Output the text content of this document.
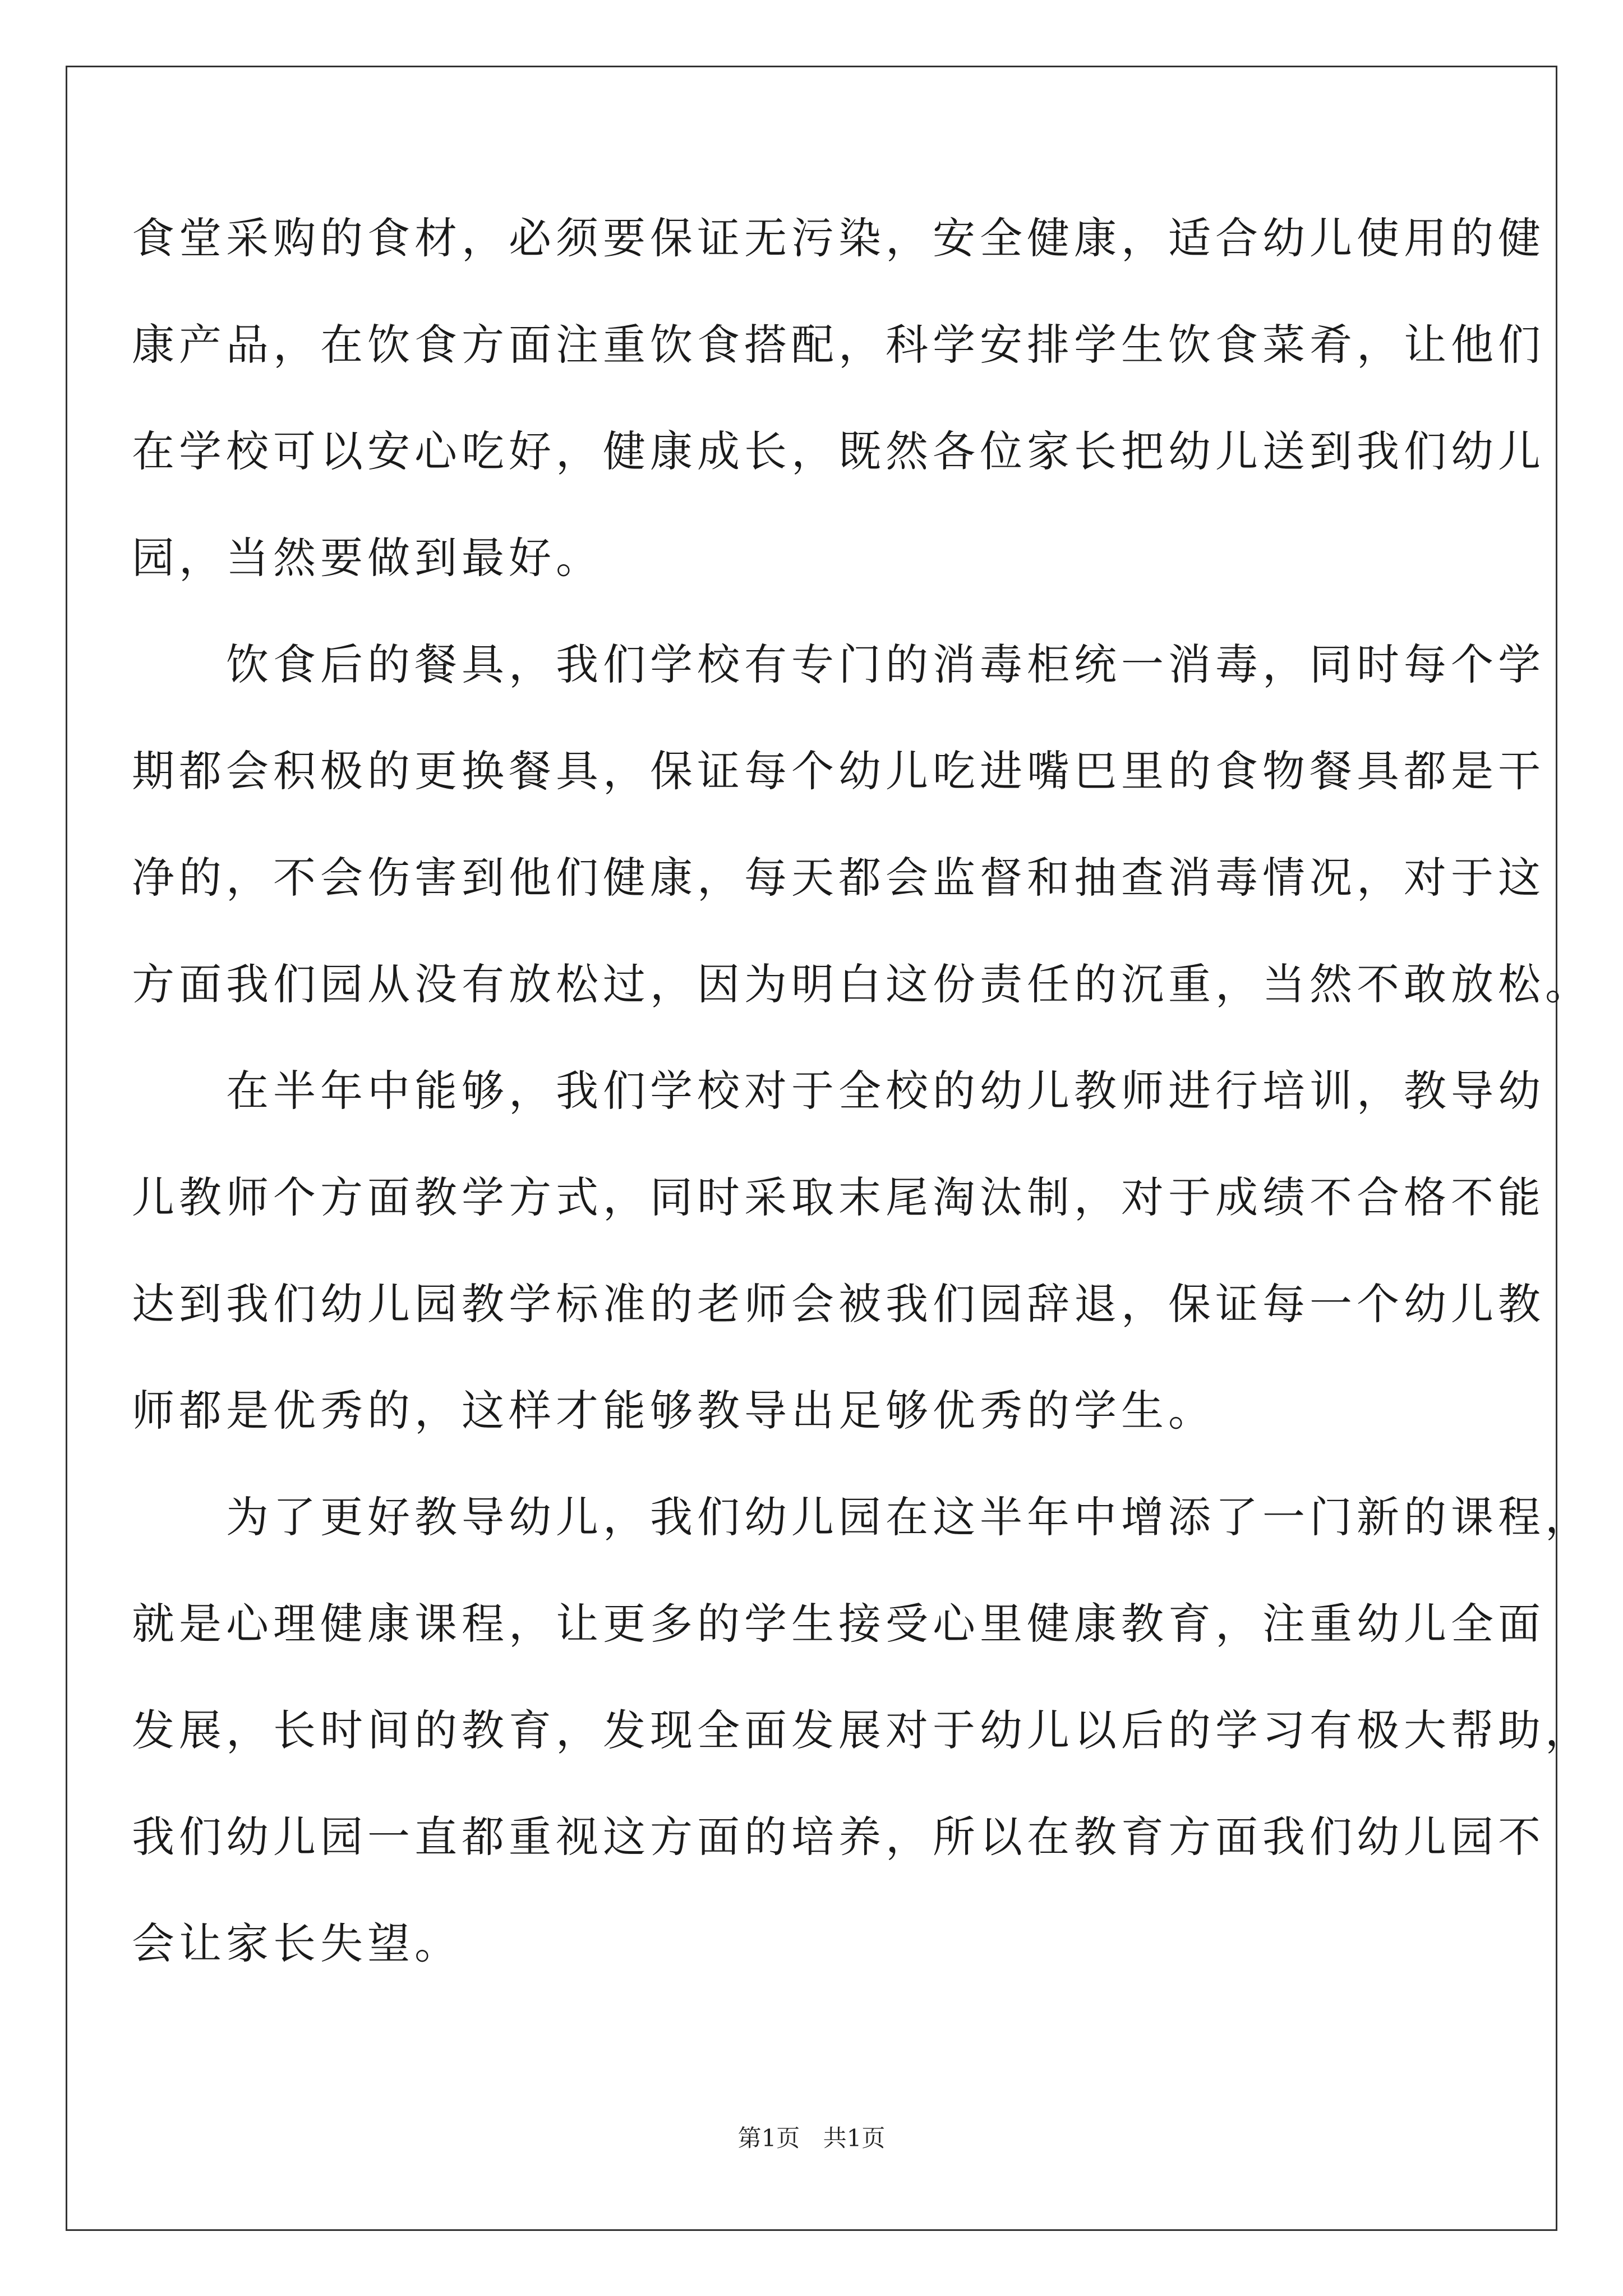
食堂采购的食材，必须要保证无污染，安全健康，适合幼儿使用的健
康产品，在饮食方面注重饮食搭配，科学安排学生饮食菜肴，让他们
在学校可以安心吃好，健康成长，既然各位家长把幼儿送到我们幼儿
园，当然要做到最好。
　　饮食后的餐具，我们学校有专门的消毒柜统一消毒，同时每个学
期都会积极的更换餐具，保证每个幼儿吃进嘴巴里的食物餐具都是干
净的，不会伤害到他们健康，每天都会监督和抽查消毒情况，对于这
方面我们园从没有放松过，因为明白这份责任的沉重，当然不敢放松。
　　在半年中能够，我们学校对于全校的幼儿教师进行培训，教导幼
儿教师个方面教学方式，同时采取末尾淘汰制，对于成绩不合格不能
达到我们幼儿园教学标准的老师会被我们园辞退，保证每一个幼儿教
师都是优秀的，这样才能够教导出足够优秀的学生。
　　为了更好教导幼儿，我们幼儿园在这半年中增添了一门新的课程，
就是心理健康课程，让更多的学生接受心里健康教育，注重幼儿全面
发展，长时间的教育，发现全面发展对于幼儿以后的学习有极大帮助，
我们幼儿园一直都重视这方面的培养，所以在教育方面我们幼儿园不
会让家长失望。
第1页 共1页
